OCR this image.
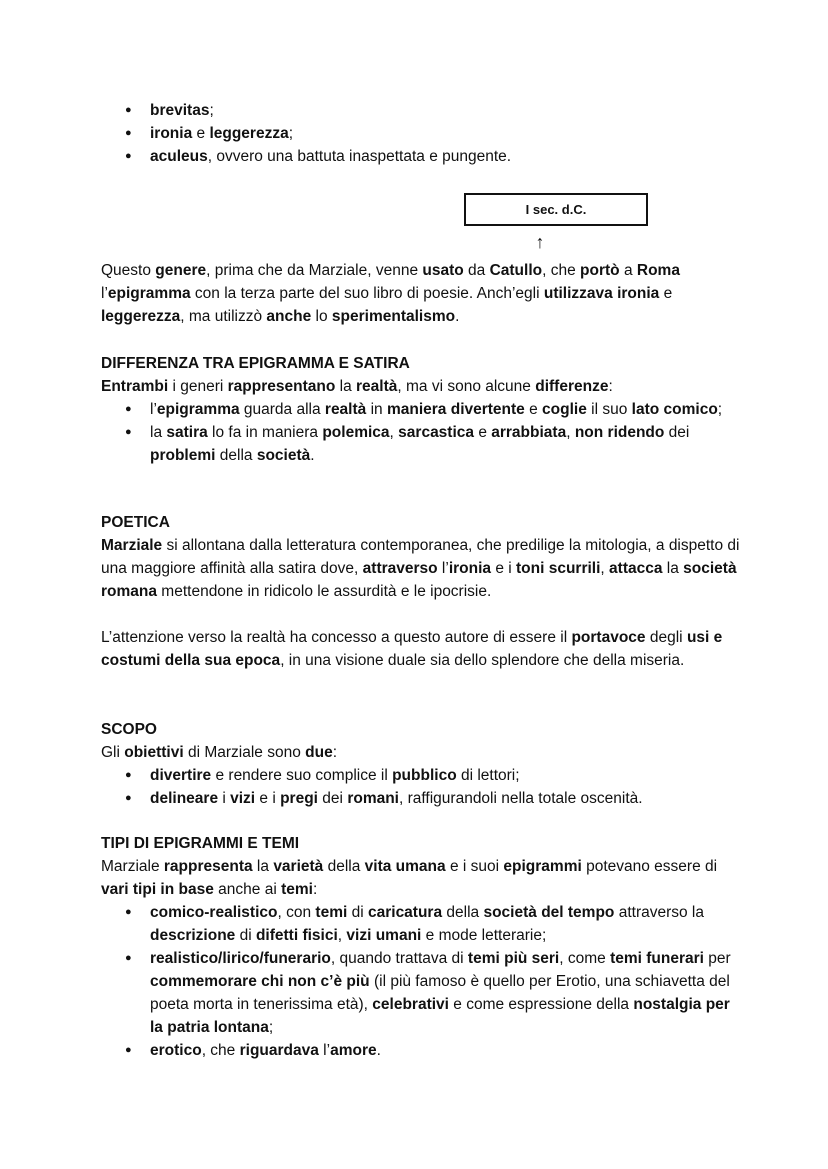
● brevitas;
● ironia e leggerezza;
● aculeus, ovvero una battuta inaspettata e pungente.
I sec. d.C.
↑

Questo genere, prima che da Marziale, venne usato da Catullo, che portò a Roma l’epigramma con la terza parte del suo libro di poesie. Anch’egli utilizzava ironia e leggerezza, ma utilizzò anche lo sperimentalismo.

DIFFERENZA TRA EPIGRAMMA E SATIRA

Entrambi i generi rappresentano la realtà, ma vi sono alcune differenze:

● l’epigramma guarda alla realtà in maniera divertente e coglie il suo lato comico;
● la satira lo fa in maniera polemica, sarcastica e arrabbiata, non ridendo dei problemi della società.

POETICA

Marziale si allontana dalla letteratura contemporanea, che predilige la mitologia, a dispetto di una maggiore affinità alla satira dove, attraverso l’ironia e i toni scurrili, attacca la società romana mettendone in ridicolo le assurdità e le ipocrisie.

L’attenzione verso la realtà ha concesso a questo autore di essere il portavoce degli usi e costumi della sua epoca, in una visione duale sia dello splendore che della miseria.

SCOPO

Gli obiettivi di Marziale sono due:

● divertire e rendere suo complice il pubblico di lettori;
● delineare i vizi e i pregi dei romani, raffigurandoli nella totale oscenità.

TIPI DI EPIGRAMMI E TEMI

Marziale rappresenta la varietà della vita umana e i suoi epigrammi potevano essere di vari tipi in base anche ai temi:

● comico-realistico, con temi di caricatura della società del tempo attraverso la descrizione di difetti fisici, vizi umani e mode letterarie;
● realistico/lirico/funerario, quando trattava di temi più seri, come temi funerari per commemorare chi non c’è più (il più famoso è quello per Erotio, una schiavetta del poeta morta in tenerissima età), celebrativi e come espressione della nostalgia per la patria lontana;
● erotico, che riguardava l’amore.
